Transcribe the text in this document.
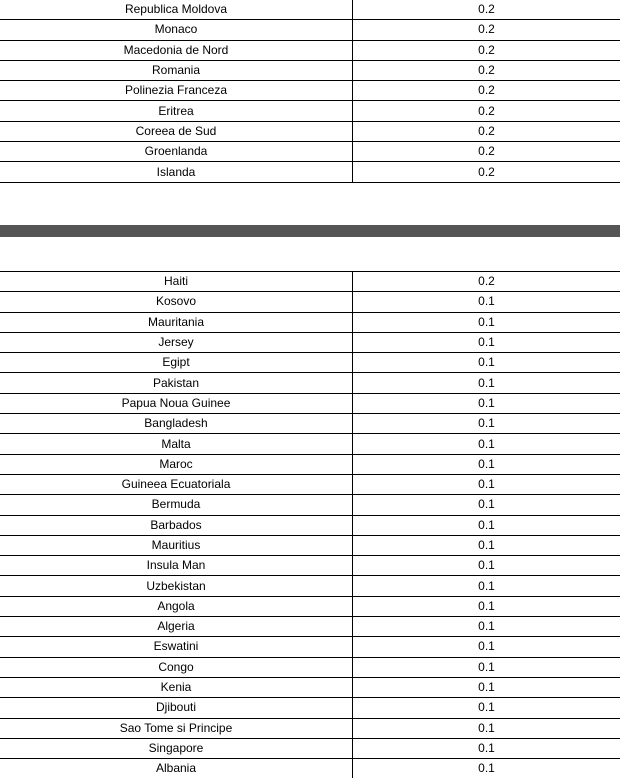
Republica Moldova	0.2
Monaco	0.2
Macedonia de Nord	0.2
Romania	0.2
Polinezia Franceza	0.2
Eritrea	0.2
Coreea de Sud	0.2
Groenlanda	0.2
Islanda	0.2
Haiti	0.2
Kosovo	0.1
Mauritania	0.1
Jersey	0.1
Egipt	0.1
Pakistan	0.1
Papua Noua Guinee	0.1
Bangladesh	0.1
Malta	0.1
Maroc	0.1
Guineea Ecuatoriala	0.1
Bermuda	0.1
Barbados	0.1
Mauritius	0.1
Insula Man	0.1
Uzbekistan	0.1
Angola	0.1
Algeria	0.1
Eswatini	0.1
Congo	0.1
Kenia	0.1
Djibouti	0.1
Sao Tome si Principe	0.1
Singapore	0.1
Albania	0.1
